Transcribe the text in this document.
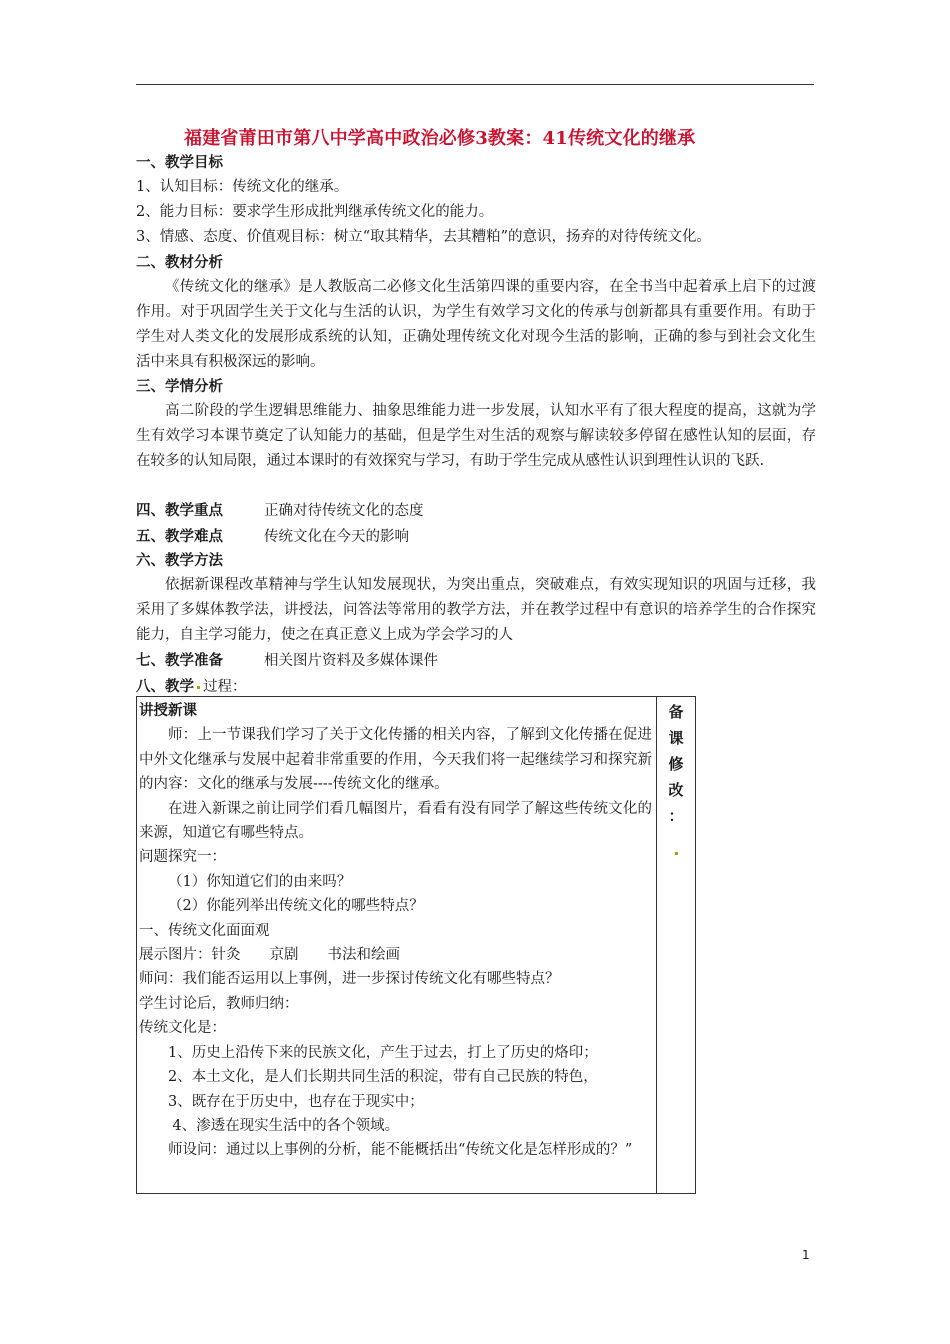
福建省莆田市第八中学高中政治必修3教案：41传统文化的继承
一、教学目标
1、认知目标：传统文化的继承。
2、能力目标：要求学生形成批判继承传统文化的能力。
3、情感、态度、价值观目标：树立“取其精华，去其糟粕”的意识，扬弃的对待传统文化。
二、教材分析
《传统文化的继承》是人教版高二必修文化生活第四课的重要内容，在全书当中起着承上启下的过渡作用。对于巩固学生关于文化与生活的认识，为学生有效学习文化的传承与创新都具有重要作用。有助于学生对人类文化的发展形成系统的认知，正确处理传统文化对现今生活的影响，正确的参与到社会文化生活中来具有积极深远的影响。
三、学情分析
高二阶段的学生逻辑思维能力、抽象思维能力进一步发展，认知水平有了很大程度的提高，这就为学生有效学习本课节奠定了认知能力的基础，但是学生对生活的观察与解读较多停留在感性认知的层面，存在较多的认知局限，通过本课时的有效探究与学习，有助于学生完成从感性认识到理性认识的飞跃.
四、教学重点	正确对待传统文化的态度
五、教学难点	传统文化在今天的影响
六、教学方法
依据新课程改革精神与学生认知发展现状，为突出重点，突破难点，有效实现知识的巩固与迁移，我采用了多媒体教学法，讲授法，问答法等常用的教学方法，并在教学过程中有意识的培养学生的合作探究能力，自主学习能力，使之在真正意义上成为学会学习的人
七、教学准备	相关图片资料及多媒体课件
八、教学 过程：
讲授新课
师：上一节课我们学习了关于文化传播的相关内容，了解到文化传播在促进中外文化继承与发展中起着非常重要的作用，今天我们将一起继续学习和探究新的内容：文化的继承与发展----传统文化的继承。
在进入新课之前让同学们看几幅图片，看看有没有同学了解这些传统文化的来源，知道它有哪些特点。
问题探究一：
（1）你知道它们的由来吗？
（2）你能列举出传统文化的哪些特点？
一、传统文化面面观
展示图片：针灸　　京剧　　书法和绘画
师问：我们能否运用以上事例，进一步探讨传统文化有哪些特点？
学生讨论后，教师归纳：
传统文化是：
1、历史上沿传下来的民族文化，产生于过去，打上了历史的烙印；
2、本土文化，是人们长期共同生活的积淀，带有自己民族的特色，
3、既存在于历史中，也存在于现实中；
4、渗透在现实生活中的各个领域。
师设问：通过以上事例的分析，能不能概括出“传统文化是怎样形成的？”
备
课
修
改
：
1
